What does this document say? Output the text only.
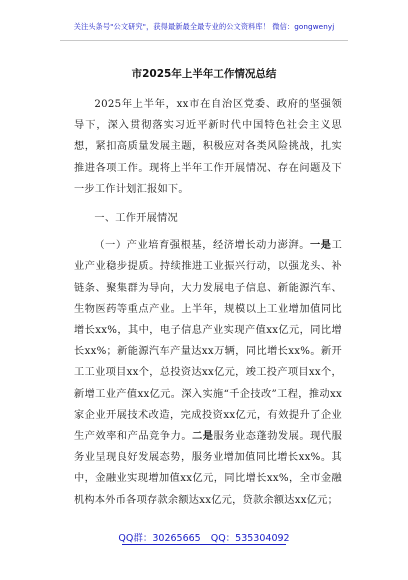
关注头条号"公文研究"，获得最新最全最专业的公文资料库！ 微信：gongwenyj
市2025年上半年工作情况总结

2025年上半年，xx市在自治区党委、政府的坚强领导下，深入贯彻落实习近平新时代中国特色社会主义思想，紧扣高质量发展主题，积极应对各类风险挑战，扎实推进各项工作。现将上半年工作开展情况、存在问题及下一步工作计划汇报如下。

一、工作开展情况

（一）产业培育强根基，经济增长动力澎湃。一是工业产业稳步提质。持续推进工业振兴行动，以强龙头、补链条、聚集群为导向，大力发展电子信息、新能源汽车、生物医药等重点产业。上半年，规模以上工业增加值同比增长xx%，其中，电子信息产业实现产值xx亿元，同比增长xx%；新能源汽车产量达xx万辆，同比增长xx%。新开工工业项目xx个，总投资达xx亿元，竣工投产项目xx个，新增工业产值xx亿元。深入实施“千企技改”工程，推动xx家企业开展技术改造，完成投资xx亿元，有效提升了企业生产效率和产品竞争力。二是服务业态蓬勃发展。现代服务业呈现良好发展态势，服务业增加值同比增长xx%。其中，金融业实现增加值xx亿元，同比增长xx%，全市金融机构本外币各项存款余额达xx亿元，贷款余额达xx亿元；

QQ群：30265665 QQ：535304092
